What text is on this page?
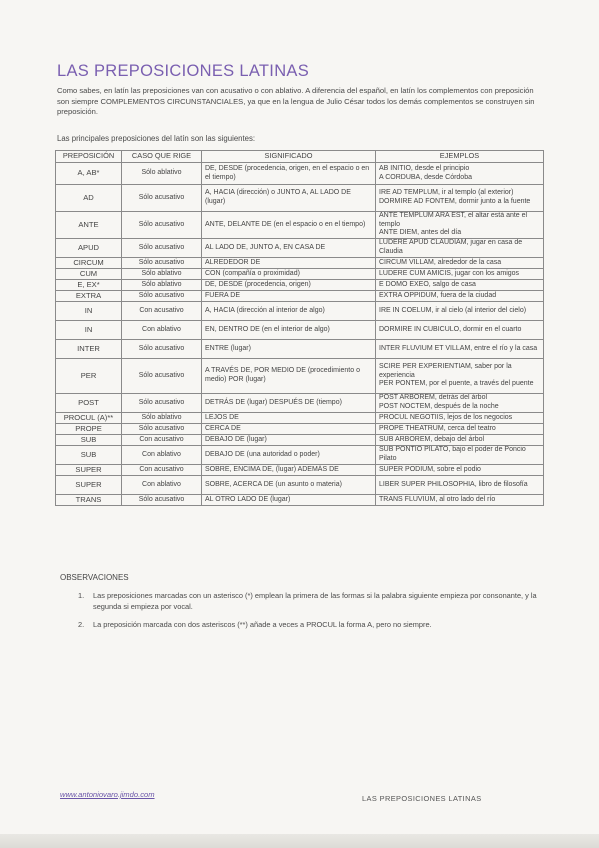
LAS PREPOSICIONES LATINAS
Como sabes, en latín las preposiciones van con acusativo o con ablativo. A diferencia del español, en latín los complementos con preposición son siempre COMPLEMENTOS CIRCUNSTANCIALES, ya que en la lengua de Julio César todos los demás complementos se construyen sin preposición.
Las principales preposiciones del latín son las siguientes:
PREPOSICIÓN	CASO QUE RIGE	SIGNIFICADO	EJEMPLOS
A, AB*	Sólo ablativo	DE, DESDE (procedencia, origen, en el espacio o en el tiempo)	AB INITIO, desde el principio
A CORDUBA, desde Córdoba

AD	Sólo acusativo	A, HACIA (dirección) o JUNTO A, AL LADO DE (lugar)	IRE AD TEMPLUM, ir al templo (al exterior)
DORMIRE AD FONTEM, dormir junto a la fuente

ANTE	Sólo acusativo	ANTE, DELANTE DE (en el espacio o en el tiempo)	ANTE TEMPLUM ARA EST, el altar está ante el templo
ANTE DIEM, antes del día

APUD	Sólo acusativo	AL LADO DE, JUNTO A, EN CASA DE	LUDERE APUD CLAUDIAM, jugar en casa de Claudia

CIRCUM	Sólo acusativo	ALREDEDOR DE	CIRCUM VILLAM, alrededor de la casa

CUM	Sólo ablativo	CON (compañía o proximidad)	LUDERE CUM AMICIS, jugar con los amigos

E, EX*	Sólo ablativo	DE, DESDE (procedencia, origen)	E DOMO EXEO, salgo de casa

EXTRA	Sólo acusativo	FUERA DE	EXTRA OPPIDUM, fuera de la ciudad

IN	Con acusativo	A, HACIA (dirección al interior de algo)	IRE IN COELUM, ir al cielo (al interior del cielo)

IN	Con ablativo	EN, DENTRO DE (en el interior de algo)	DORMIRE IN CUBICULO, dormir en el cuarto

INTER	Sólo acusativo	ENTRE (lugar)	INTER FLUVIUM ET VILLAM, entre el río y la casa

PER	Sólo acusativo	A TRAVÉS DE, POR MEDIO DE (procedimiento o medio) POR (lugar)	SCIRE PER EXPERIENTIAM, saber por la experiencia
PER PONTEM, por el puente, a través del puente

POST	Sólo acusativo	DETRÁS DE (lugar) DESPUÉS DE (tiempo)	POST ARBOREM, detrás del árbol
POST NOCTEM, después de la noche

PROCUL (A)**	Sólo ablativo	LEJOS DE	PROCUL NEGOTIIS, lejos de los negocios

PROPE	Sólo acusativo	CERCA DE	PROPE THEATRUM, cerca del teatro

SUB	Con acusativo	DEBAJO DE (lugar)	SUB ARBOREM, debajo del árbol

SUB	Con ablativo	DEBAJO DE (una autoridad o poder)	SUB PONTIO PILATO, bajo el poder de Poncio Pilato

SUPER	Con acusativo	SOBRE, ENCIMA DE, (lugar) ADEMÁS DE	SUPER PODIUM, sobre el podio

SUPER	Con ablativo	SOBRE, ACERCA DE (un asunto o materia)	LIBER SUPER PHILOSOPHIA, libro de filosofía

TRANS	Sólo acusativo	AL OTRO LADO DE (lugar)	TRANS FLUVIUM, al otro lado del río
OBSERVACIONES
1. Las preposiciones marcadas con un asterisco (*) emplean la primera de las formas si la palabra siguiente empieza por consonante, y la segunda si empieza por vocal.
2. La preposición marcada con dos asteriscos (**) añade a veces a PROCUL la forma A, pero no siempre.
www.antoniovaro.jimdo.com	LAS PREPOSICIONES LATINAS
